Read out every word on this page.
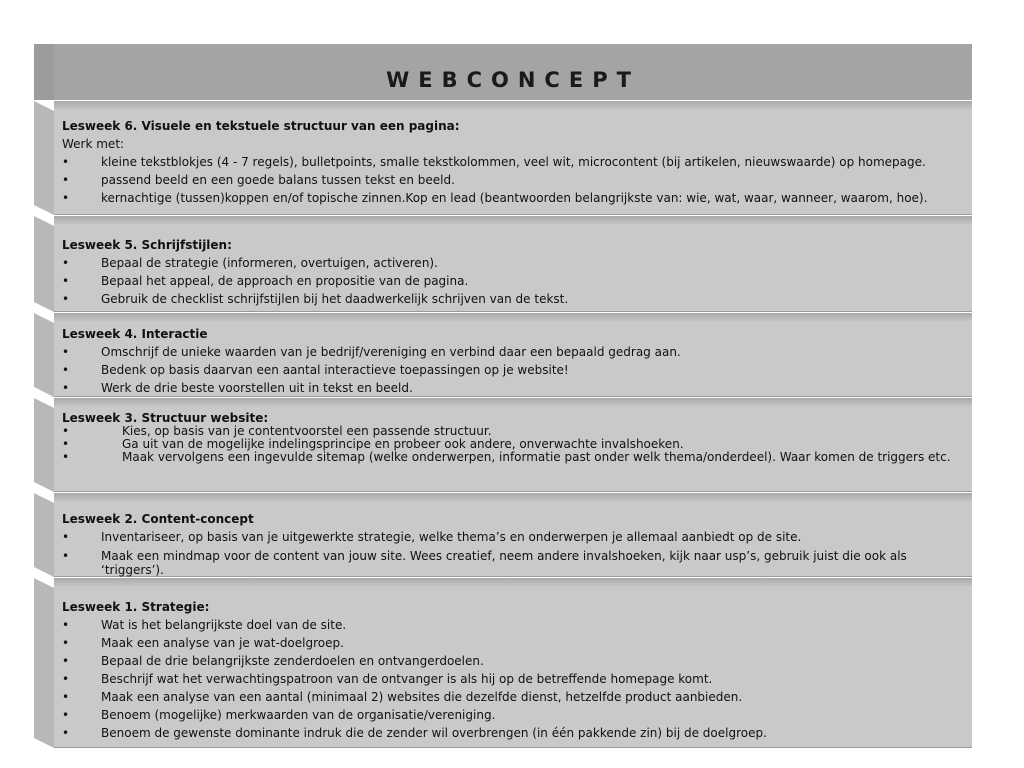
WEBCONCEPT
Lesweek 6. Visuele en tekstuele structuur van een pagina:
Werk met:
•	kleine tekstblokjes (4 - 7 regels), bulletpoints, smalle tekstkolommen, veel wit, microcontent (bij artikelen, nieuwswaarde) op homepage.
•	passend beeld en een goede balans tussen tekst en beeld.
•	kernachtige (tussen)koppen en/of topische zinnen.Kop en lead (beantwoorden belangrijkste van: wie, wat, waar, wanneer, waarom, hoe).
Lesweek 5. Schrijfstijlen:
•	Bepaal de strategie (informeren, overtuigen, activeren).
•	Bepaal het appeal, de approach en propositie van de pagina.
•	Gebruik de checklist schrijfstijlen bij het daadwerkelijk schrijven van de tekst.
Lesweek 4. Interactie
•	Omschrijf de unieke waarden van je bedrijf/vereniging en verbind daar een bepaald gedrag aan.
•	Bedenk op basis daarvan een aantal interactieve toepassingen op je website!
•	Werk de drie beste voorstellen uit in tekst en beeld.
Lesweek 3. Structuur website:
•	Kies, op basis van je contentvoorstel een passende structuur.
•	Ga uit van de mogelijke indelingsprincipe en probeer ook andere, onverwachte invalshoeken.
•	Maak vervolgens een ingevulde sitemap (welke onderwerpen, informatie past onder welk thema/onderdeel). Waar komen de triggers etc.
Lesweek 2. Content-concept
•	Inventariseer, op basis van je uitgewerkte strategie, welke thema’s en onderwerpen je allemaal aanbiedt op de site.
•	Maak een mindmap voor de content van jouw site. Wees creatief, neem andere invalshoeken, kijk naar usp’s, gebruik juist die ook als ‘triggers’).
Lesweek 1. Strategie:
•	Wat is het belangrijkste doel van de site.
•	Maak een analyse van je wat-doelgroep.
•	Bepaal de drie belangrijkste zenderdoelen en ontvangerdoelen.
•	Beschrijf wat het verwachtingspatroon van de ontvanger is als hij op de betreffende homepage komt.
•	Maak een analyse van een aantal (minimaal 2) websites die dezelfde dienst, hetzelfde product aanbieden.
•	Benoem (mogelijke) merkwaarden van de organisatie/vereniging.
•	Benoem de gewenste dominante indruk die de zender wil overbrengen (in één pakkende zin) bij de doelgroep.
